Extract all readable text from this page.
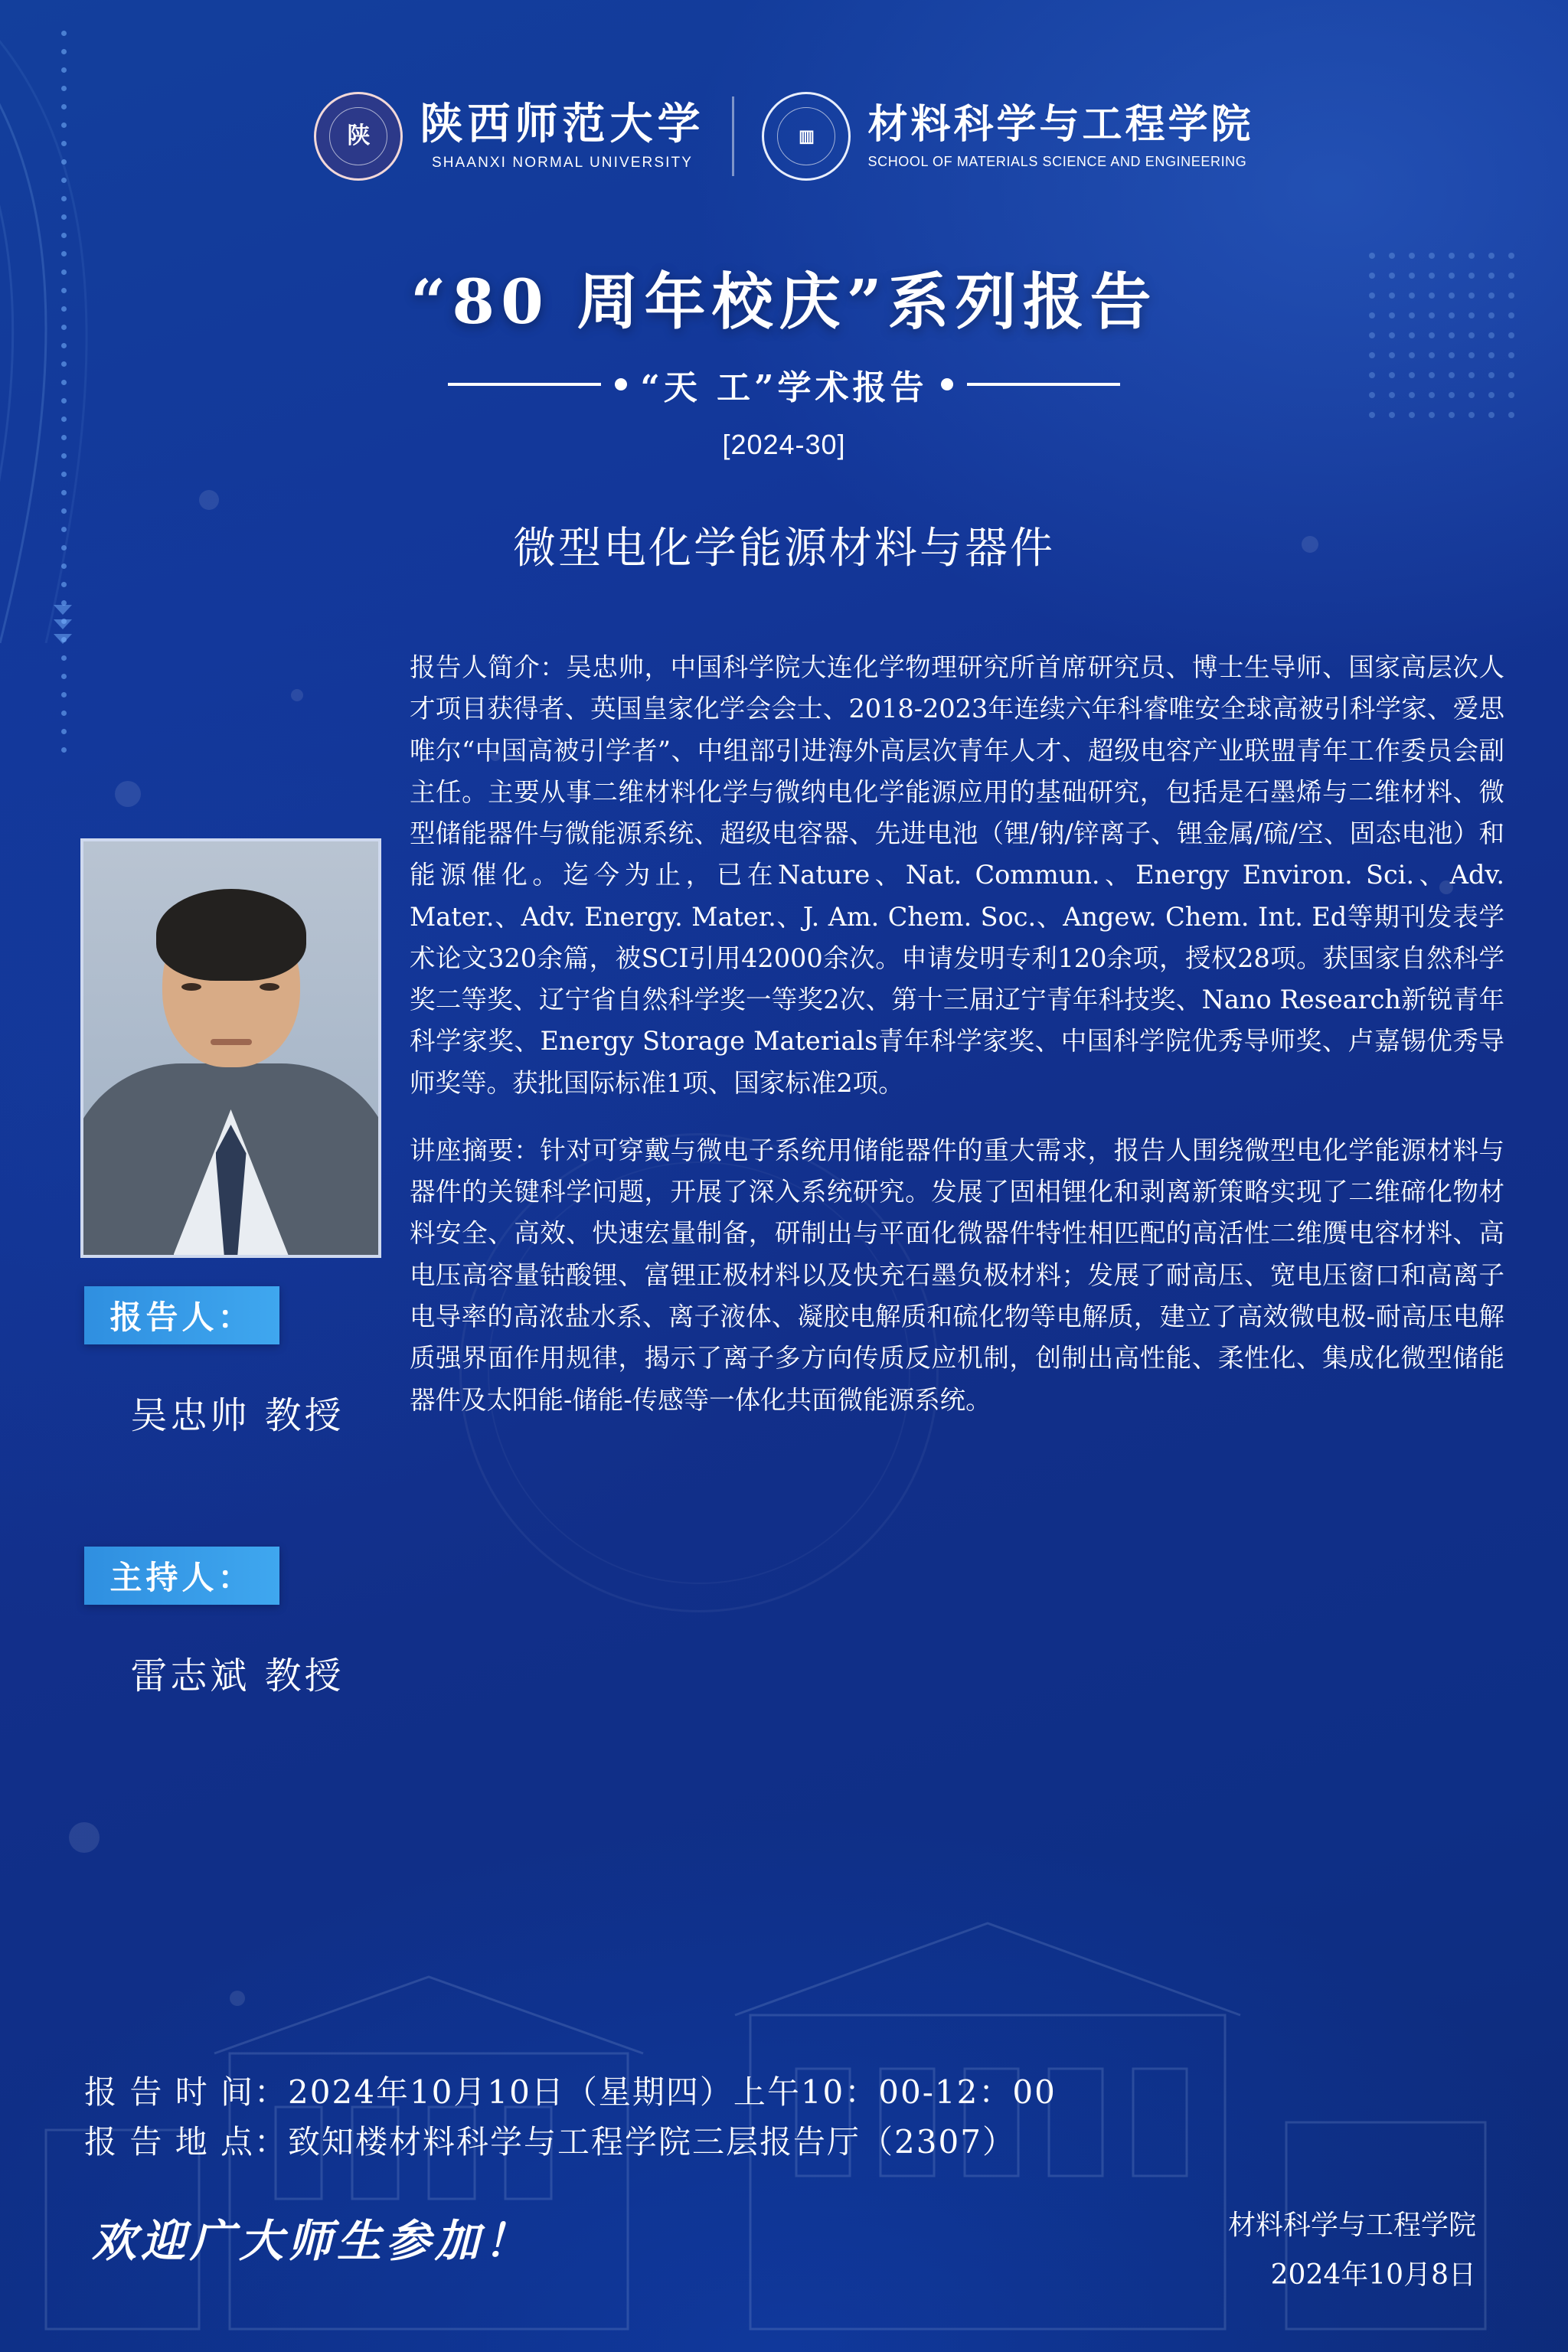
陕	陕西师范大学
SHAANXI NORMAL UNIVERSITY
▥	材料科学与工程学院
SCHOOL OF MATERIALS SCIENCE AND ENGINEERING
“80 周年校庆”系列报告
“天 工”学术报告
[2024-30]
微型电化学能源材料与器件
报告人：
吴忠帅 教授
主持人：
雷志斌 教授

报告人简介：吴忠帅，中国科学院大连化学物理研究所首席研究员、博士生导师、国家高层次人才项目获得者、英国皇家化学会会士、2018-2023年连续六年科睿唯安全球高被引科学家、爱思唯尔“中国高被引学者”、中组部引进海外高层次青年人才、超级电容产业联盟青年工作委员会副主任。主要从事二维材料化学与微纳电化学能源应用的基础研究，包括是石墨烯与二维材料、微型储能器件与微能源系统、超级电容器、先进电池（锂/钠/锌离子、锂金属/硫/空、固态电池）和能源催化。迄今为止，已在Nature、Nat. Commun.、Energy Environ. Sci.、Adv. Mater.、Adv. Energy. Mater.、J. Am. Chem. Soc.、Angew. Chem. Int. Ed等期刊发表学术论文320余篇，被SCI引用42000余次。申请发明专利120余项，授权28项。获国家自然科学奖二等奖、辽宁省自然科学奖一等奖2次、第十三届辽宁青年科技奖、Nano Research新锐青年科学家奖、Energy Storage Materials青年科学家奖、中国科学院优秀导师奖、卢嘉锡优秀导师奖等。获批国际标准1项、国家标准2项。

讲座摘要：针对可穿戴与微电子系统用储能器件的重大需求，报告人围绕微型电化学能源材料与器件的关键科学问题，开展了深入系统研究。发展了固相锂化和剥离新策略实现了二维碲化物材料安全、高效、快速宏量制备，研制出与平面化微器件特性相匹配的高活性二维赝电容材料、高电压高容量钴酸锂、富锂正极材料以及快充石墨负极材料；发展了耐高压、宽电压窗口和高离子电导率的高浓盐水系、离子液体、凝胶电解质和硫化物等电解质，建立了高效微电极-耐高压电解质强界面作用规律，揭示了离子多方向传质反应机制，创制出高性能、柔性化、集成化微型储能器件及太阳能-储能-传感等一体化共面微能源系统。

报 告 时 间：2024年10月10日（星期四）上午10：00-12：00
报 告 地 点：致知楼材料科学与工程学院三层报告厅（2307）
欢迎广大师生参加！	材料科学与工程学院
2024年10月8日
